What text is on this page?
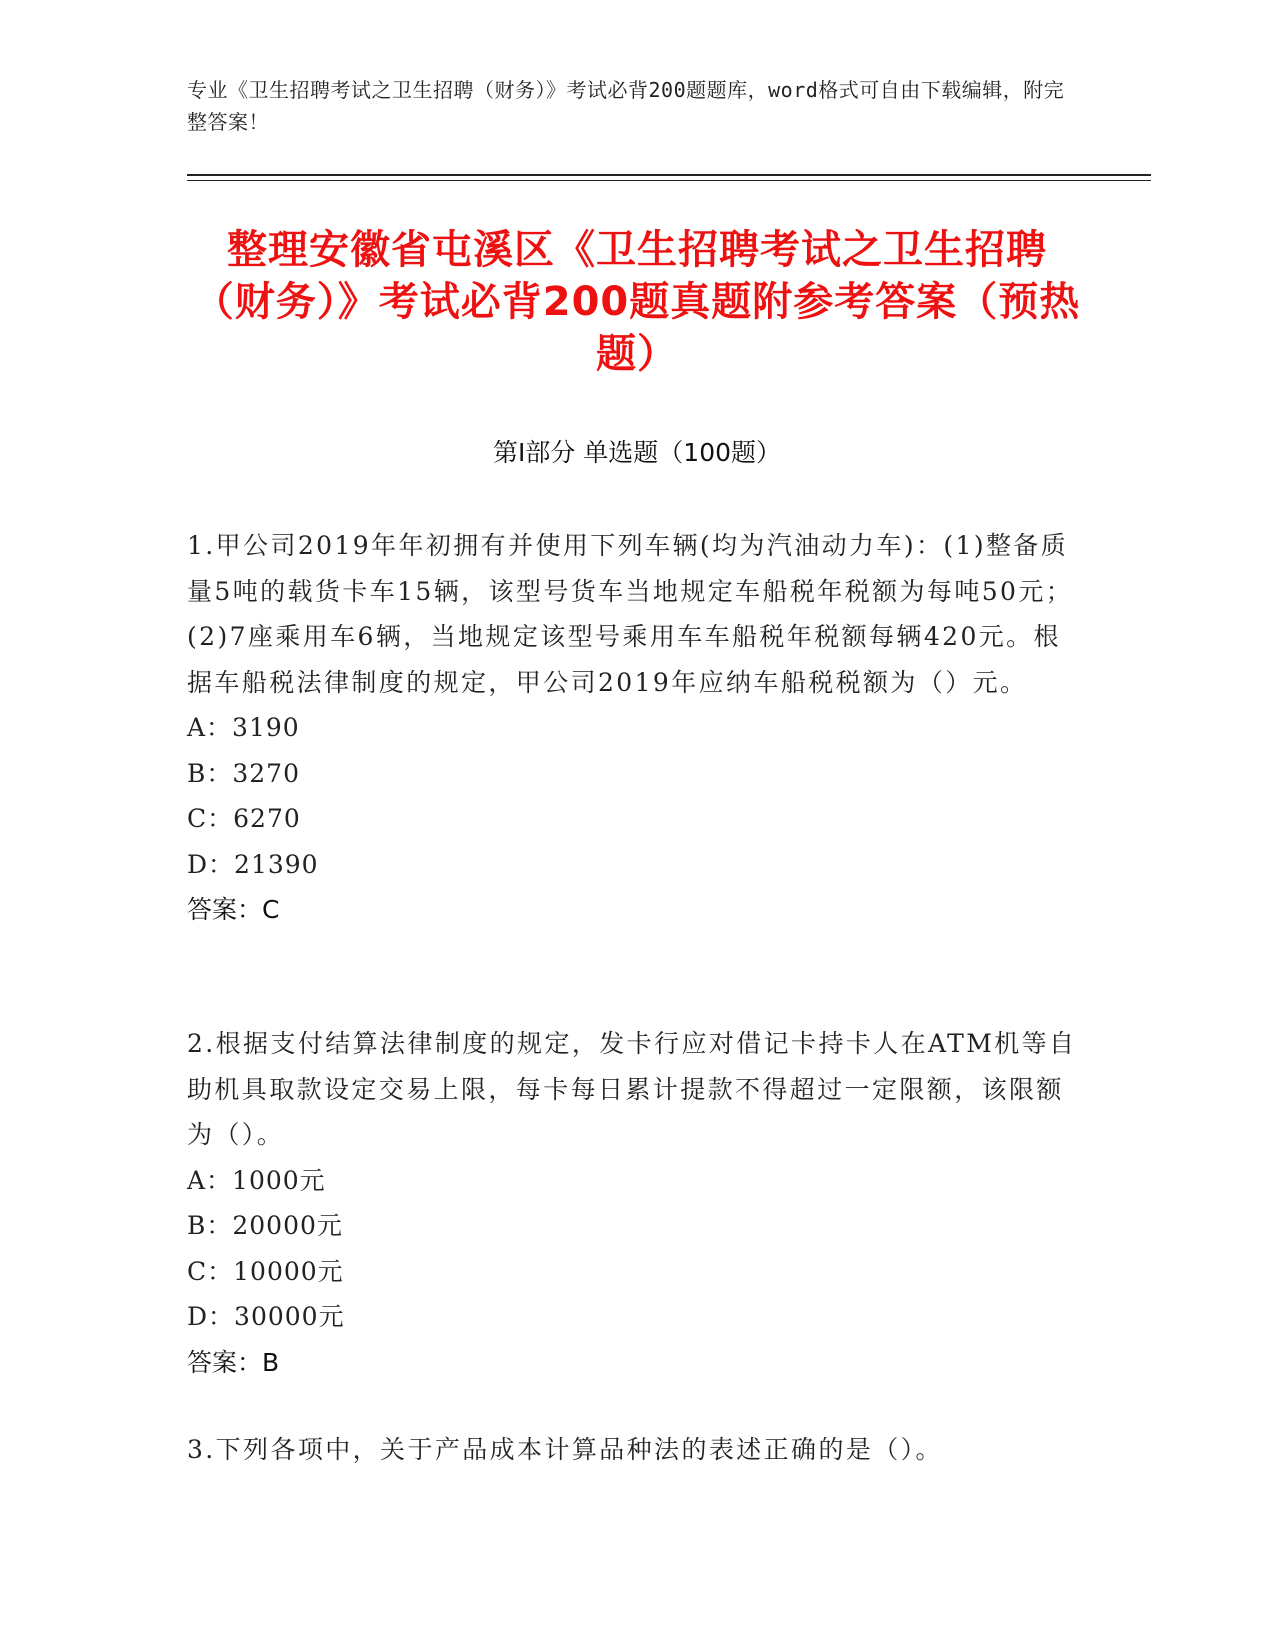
专业《卫生招聘考试之卫生招聘（财务）》考试必背200题题库，word格式可自由下载编辑，附完整答案！
整理安徽省屯溪区《卫生招聘考试之卫生招聘（财务）》考试必背200题真题附参考答案（预热题）
第I部分 单选题（100题）

1.甲公司2019年年初拥有并使用下列车辆(均为汽油动力车)：(1)整备质量5吨的载货卡车15辆，该型号货车当地规定车船税年税额为每吨50元；(2)7座乘用车6辆，当地规定该型号乘用车车船税年税额每辆420元。根据车船税法律制度的规定，甲公司2019年应纳车船税税额为（）元。

A：3190

B：3270

C：6270

D：21390

答案：C

2.根据支付结算法律制度的规定，发卡行应对借记卡持卡人在ATM机等自助机具取款设定交易上限，每卡每日累计提款不得超过一定限额，该限额为（）。

A：1000元

B：20000元

C：10000元

D：30000元

答案：B

3.下列各项中，关于产品成本计算品种法的表述正确的是（）。
